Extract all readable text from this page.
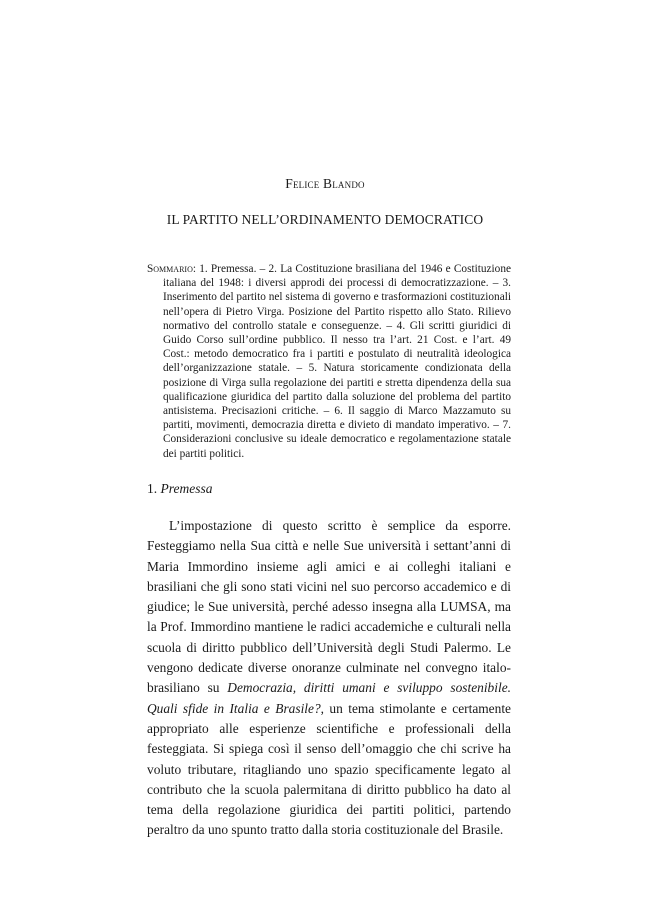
Felice Blando
IL PARTITO NELL’ORDINAMENTO DEMOCRATICO

Sommario: 1. Premessa. – 2. La Costituzione brasiliana del 1946 e Costituzione italiana del 1948: i diversi approdi dei processi di democratizzazione. – 3. Inserimento del partito nel sistema di governo e trasformazioni costituzionali nell’opera di Pietro Virga. Posizione del Partito rispetto allo Stato. Rilievo normativo del controllo statale e conseguenze. – 4. Gli scritti giuridici di Guido Corso sull’ordine pubblico. Il nesso tra l’art. 21 Cost. e l’art. 49 Cost.: metodo democratico fra i partiti e postulato di neutralità ideologica dell’organizzazione statale. – 5. Natura storicamente condizionata della posizione di Virga sulla regolazione dei partiti e stretta dipendenza della sua qualificazione giuridica del partito dalla soluzione del problema del partito antisistema. Precisazioni critiche. – 6. Il saggio di Marco Mazzamuto su partiti, movimenti, democrazia diretta e divieto di mandato imperativo. – 7. Considerazioni conclusive su ideale democratico e regolamentazione statale dei partiti politici.

1. Premessa

L’impostazione di questo scritto è semplice da esporre. Festeggiamo nella Sua città e nelle Sue università i settant’anni di Maria Immordino insieme agli amici e ai colleghi italiani e brasiliani che gli sono stati vicini nel suo percorso accademico e di giudice; le Sue università, perché adesso insegna alla LUMSA, ma la Prof. Immordino mantiene le radici accademiche e culturali nella scuola di diritto pubblico dell’Università degli Studi Palermo. Le vengono dedicate diverse onoranze culminate nel convegno italo-brasiliano su Democrazia, diritti umani e sviluppo sostenibile. Quali sfide in Italia e Brasile?, un tema stimolante e certamente appropriato alle esperienze scientifiche e professionali della festeggiata. Si spiega così il senso dell’omaggio che chi scrive ha voluto tributare, ritagliando uno spazio specificamente legato al contributo che la scuola palermitana di diritto pubblico ha dato al tema della regolazione giuridica dei partiti politici, partendo peraltro da uno spunto tratto dalla storia costituzionale del Brasile.
